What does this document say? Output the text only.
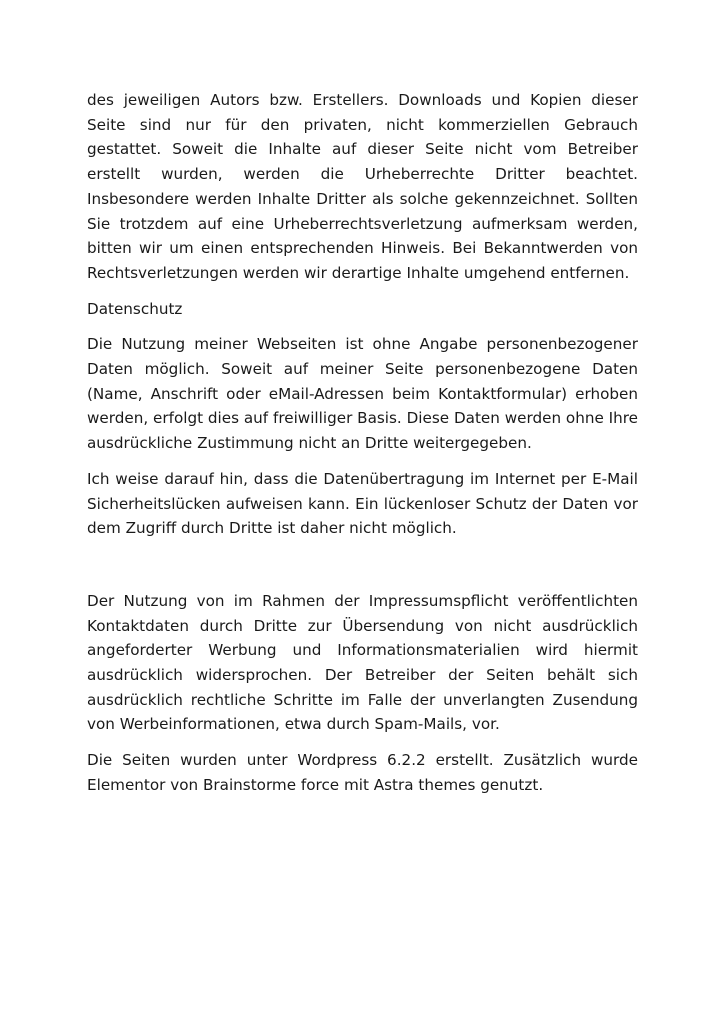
des jeweiligen Autors bzw. Erstellers. Downloads und Kopien dieser Seite sind nur für den privaten, nicht kommerziellen Gebrauch gestattet. Soweit die Inhalte auf dieser Seite nicht vom Betreiber erstellt wurden, werden die Urheberrechte Dritter beachtet. Insbesondere werden Inhalte Dritter als solche gekennzeichnet. Sollten Sie trotzdem auf eine Urheberrechtsverletzung aufmerksam werden, bitten wir um einen entsprechenden Hinweis. Bei Bekanntwerden von Rechtsverletzungen werden wir derartige Inhalte umgehend entfernen.

Datenschutz

Die Nutzung meiner Webseiten ist ohne Angabe personenbezogener Daten möglich. Soweit auf meiner Seite personenbezogene Daten (Name, Anschrift oder eMail-Adressen beim Kontaktformular) erhoben werden, erfolgt dies auf freiwilliger Basis. Diese Daten werden ohne Ihre ausdrückliche Zustimmung nicht an Dritte weitergegeben.

Ich weise darauf hin, dass die Datenübertragung im Internet per E-Mail Sicherheitslücken aufweisen kann. Ein lückenloser Schutz der Daten vor dem Zugriff durch Dritte ist daher nicht möglich.

Der Nutzung von im Rahmen der Impressumspflicht veröffentlichten Kontaktdaten durch Dritte zur Übersendung von nicht ausdrücklich angeforderter Werbung und Informationsmaterialien wird hiermit ausdrücklich widersprochen. Der Betreiber der Seiten behält sich ausdrücklich rechtliche Schritte im Falle der unverlangten Zusendung von Werbeinformationen, etwa durch Spam-Mails, vor.

Die Seiten wurden unter Wordpress 6.2.2 erstellt. Zusätzlich wurde Elementor von Brainstorme force mit Astra themes genutzt.
